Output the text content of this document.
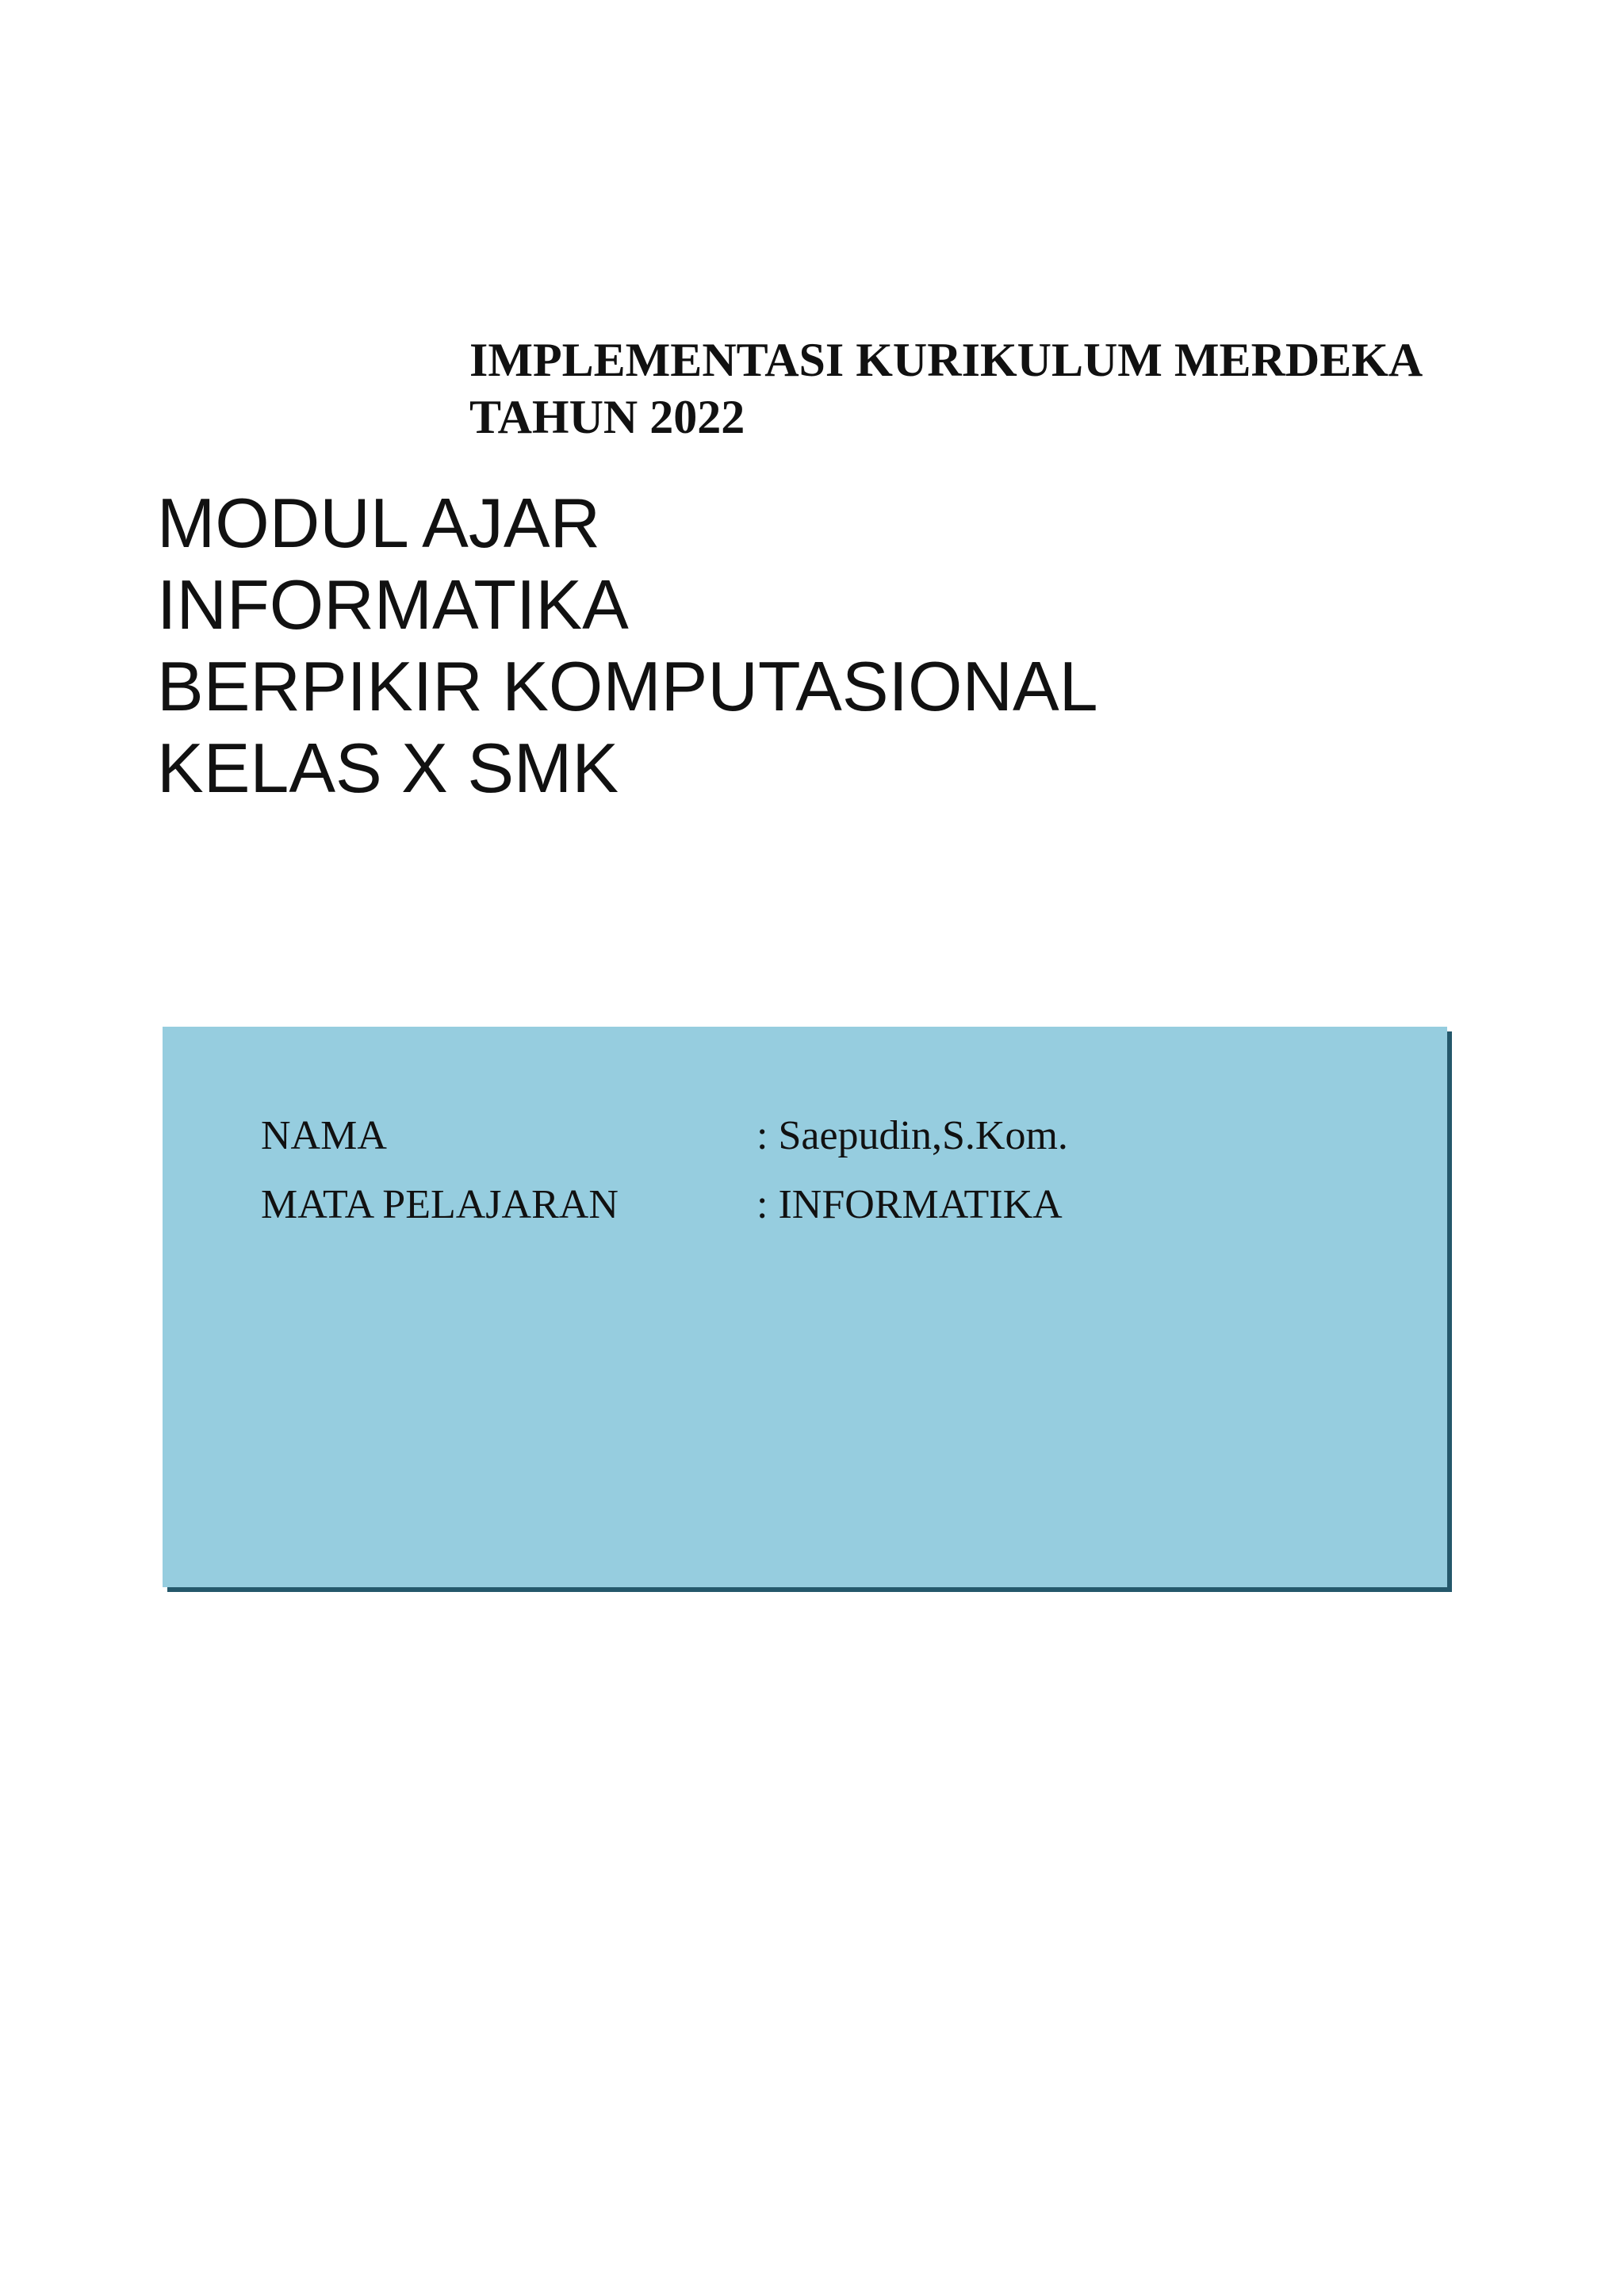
IMPLEMENTASI KURIKULUM MERDEKA
TAHUN 2022
MODUL AJAR
INFORMATIKA
BERPIKIR KOMPUTASIONAL
KELAS X SMK
NAMA	: Saepudin,S.Kom.
MATA PELAJARAN	: INFORMATIKA
